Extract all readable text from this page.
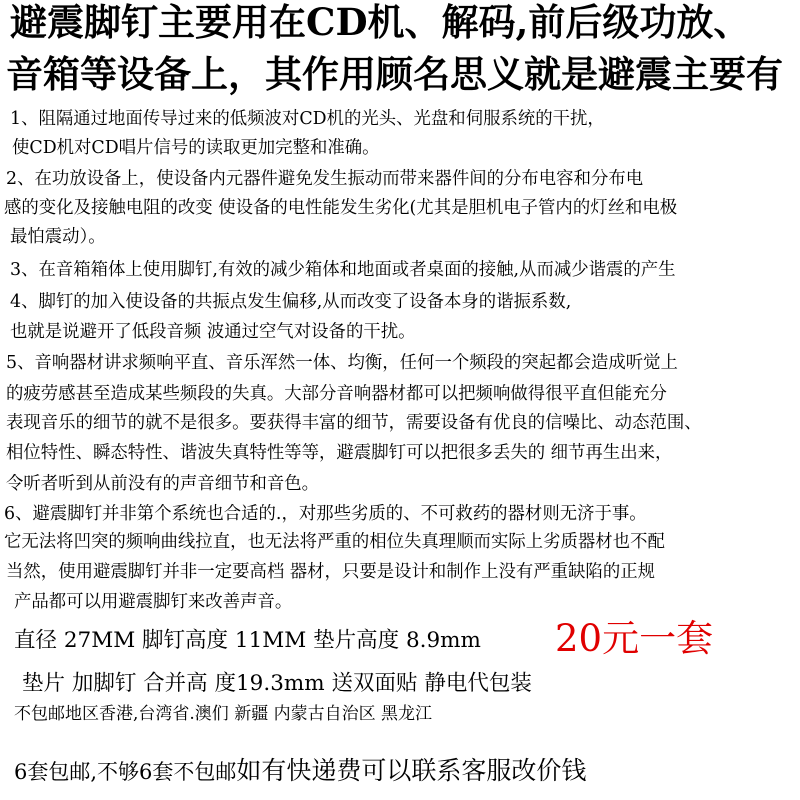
避震脚钉主要用在CD机、解码,前后级功放、
音箱等设备上，其作用顾名思义就是避震主要有
1、阻隔通过地面传导过来的低频波对CD机的光头、光盘和伺服系统的干扰，
使CD机对CD唱片信号的读取更加完整和准确。
2、在功放设备上，使设备内元器件避免发生振动而带来器件间的分布电容和分布电
感的变化及接触电阻的改变 使设备的电性能发生劣化(尤其是胆机电子管内的灯丝和电极
最怕震动）。
3、在音箱箱体上使用脚钉,有效的减少箱体和地面或者桌面的接触,从而减少谐震的产生
4、脚钉的加入使设备的共振点发生偏移,从而改变了设备本身的谐振系数,
也就是说避开了低段音频 波通过空气对设备的干扰。
5、音响器材讲求频响平直、音乐浑然一体、均衡，任何一个频段的突起都会造成听觉上
的疲劳感甚至造成某些频段的失真。大部分音响器材都可以把频响做得很平直但能充分
表现音乐的细节的就不是很多。要获得丰富的细节，需要设备有优良的信噪比、动态范围、
相位特性、瞬态特性、谐波失真特性等等，避震脚钉可以把很多丢失的 细节再生出来，
令听者听到从前没有的声音细节和音色。
6、避震脚钉并非第个系统也合适的.，对那些劣质的、不可救药的器材则无济于事。
它无法将凹突的频响曲线拉直，也无法将严重的相位失真理顺而实际上劣质器材也不配
当然，使用避震脚钉并非一定要高档 器材，只要是设计和制作上没有严重缺陷的正规
产品都可以用避震脚钉来改善声音。
直径 27MM 脚钉高度 11MM 垫片高度 8.9mm 20元一套
垫片 加脚钉 合并高 度19.3mm 送双面贴 静电代包装
不包邮地区香港,台湾省.澳们 新疆 内蒙古自治区 黑龙江
6套包邮,不够6套不包邮如有快递费可以联系客服改价钱
